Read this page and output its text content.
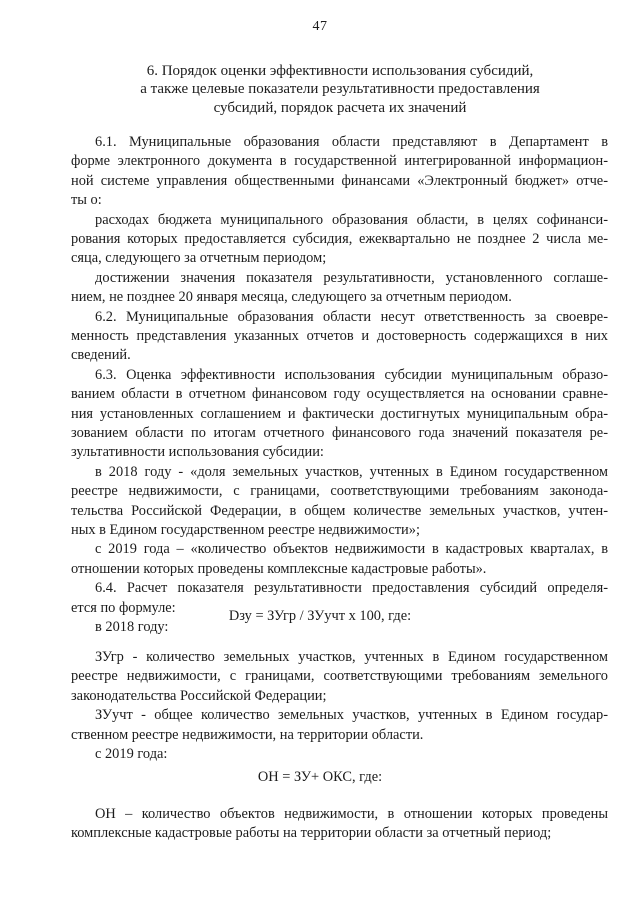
47
6. Порядок оценки эффективности использования субсидий,
а также целевые показатели результативности предоставления
субсидий, порядок расчета их значений
6.1. Муниципальные образования области представляют в Департамент в
форме электронного документа в государственной интегрированной информацион-
ной системе управления общественными финансами «Электронный бюджет» отче-
ты о:
расходах бюджета муниципального образования области, в целях софинанси-
рования которых предоставляется субсидия, ежеквартально не позднее 2 числа ме-
сяца, следующего за отчетным периодом;
достижении значения показателя результативности, установленного соглаше-
нием, не позднее 20 января месяца, следующего за отчетным периодом.
6.2. Муниципальные образования области несут ответственность за своевре-
менность представления указанных отчетов и достоверность содержащихся в них
сведений.
6.3. Оценка эффективности использования субсидии муниципальным образо-
ванием области в отчетном финансовом году осуществляется на основании сравне-
ния установленных соглашением и фактически достигнутых муниципальным обра-
зованием области по итогам отчетного финансового года значений показателя ре-
зультативности использования субсидии:
в 2018 году - «доля земельных участков, учтенных в Едином государственном
реестре недвижимости, с границами, соответствующими требованиям законода-
тельства Российской Федерации, в общем количестве земельных участков, учтен-
ных в Едином государственном реестре недвижимости»;
с 2019 года – «количество объектов недвижимости в кадастровых кварталах, в
отношении которых проведены комплексные кадастровые работы».
6.4. Расчет показателя результативности предоставления субсидий определя-
ется по формуле:
в 2018 году:
Dзу = ЗУгр / ЗУучт х 100, где:
ЗУгр - количество земельных участков, учтенных в Едином государственном
реестре недвижимости, с границами, соответствующими требованиям земельного
законодательства Российской Федерации;
ЗУучт - общее количество земельных участков, учтенных в Едином государ-
ственном реестре недвижимости, на территории области.
с 2019 года:
ОН = ЗУ+ ОКС, где:
ОН – количество объектов недвижимости, в отношении которых проведены
комплексные кадастровые работы на территории области за отчетный период;
